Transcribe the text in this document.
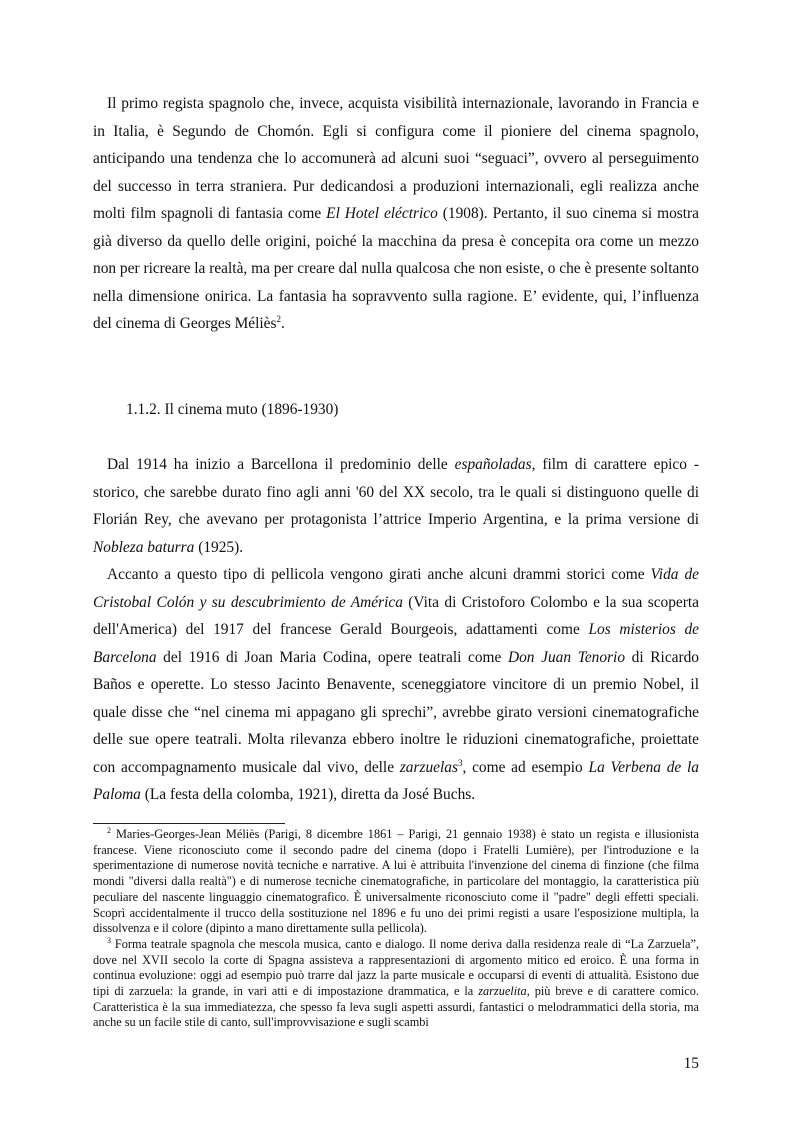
Il primo regista spagnolo che, invece, acquista visibilità internazionale, lavorando in Francia e in Italia, è Segundo de Chomón. Egli si configura come il pioniere del cinema spagnolo, anticipando una tendenza che lo accomunerà ad alcuni suoi “seguaci”, ovvero al perseguimento del successo in terra straniera. Pur dedicandosi a produzioni internazionali, egli realizza anche molti film spagnoli di fantasia come El Hotel eléctrico (1908). Pertanto, il suo cinema si mostra già diverso da quello delle origini, poiché la macchina da presa è concepita ora come un mezzo non per ricreare la realtà, ma per creare dal nulla qualcosa che non esiste, o che è presente soltanto nella dimensione onirica. La fantasia ha sopravvento sulla ragione. E’ evidente, qui, l’influenza del cinema di Georges Méliès$^2$.

1.1.2. Il cinema muto (1896-1930)

Dal 1914 ha inizio a Barcellona il predominio delle españoladas, film di carattere epico - storico, che sarebbe durato fino agli anni '60 del XX secolo, tra le quali si distinguono quelle di Florián Rey, che avevano per protagonista l’attrice Imperio Argentina, e la prima versione di Nobleza baturra (1925).

Accanto a questo tipo di pellicola vengono girati anche alcuni drammi storici come Vida de Cristobal Colón y su descubrimiento de América (Vita di Cristoforo Colombo e la sua scoperta dell'America) del 1917 del francese Gerald Bourgeois, adattamenti come Los misterios de Barcelona del 1916 di Joan Maria Codina, opere teatrali come Don Juan Tenorio di Ricardo Baños e operette. Lo stesso Jacinto Benavente, sceneggiatore vincitore di un premio Nobel, il quale disse che “nel cinema mi appagano gli sprechi”, avrebbe girato versioni cinematografiche delle sue opere teatrali. Molta rilevanza ebbero inoltre le riduzioni cinematografiche, proiettate con accompagnamento musicale dal vivo, delle zarzuelas$^3$, come ad esempio La Verbena de la Paloma (La festa della colomba, 1921), diretta da José Buchs.

$^2$ Maries-Georges-Jean Méliès (Parigi, 8 dicembre 1861 – Parigi, 21 gennaio 1938) è stato un regista e illusionista francese. Viene riconosciuto come il secondo padre del cinema (dopo i Fratelli Lumière), per l'introduzione e la sperimentazione di numerose novità tecniche e narrative. A lui è attribuita l'invenzione del cinema di finzione (che filma mondi "diversi dalla realtà") e di numerose tecniche cinematografiche, in particolare del montaggio, la caratteristica più peculiare del nascente linguaggio cinematografico. È universalmente riconosciuto come il "padre" degli effetti speciali. Scoprì accidentalmente il trucco della sostituzione nel 1896 e fu uno dei primi registi a usare l'esposizione multipla, la dissolvenza e il colore (dipinto a mano direttamente sulla pellicola).

$^3$ Forma teatrale spagnola che mescola musica, canto e dialogo. Il nome deriva dalla residenza reale di “La Zarzuela”, dove nel XVII secolo la corte di Spagna assisteva a rappresentazioni di argomento mitico ed eroico. È una forma in continua evoluzione: oggi ad esempio può trarre dal jazz la parte musicale e occuparsi di eventi di attualità. Esistono due tipi di zarzuela: la grande, in vari atti e di impostazione drammatica, e la zarzuelita, più breve e di carattere comico. Caratteristica è la sua immediatezza, che spesso fa leva sugli aspetti assurdi, fantastici o melodrammatici della storia, ma anche su un facile stile di canto, sull'improvvisazione e sugli scambi

15
